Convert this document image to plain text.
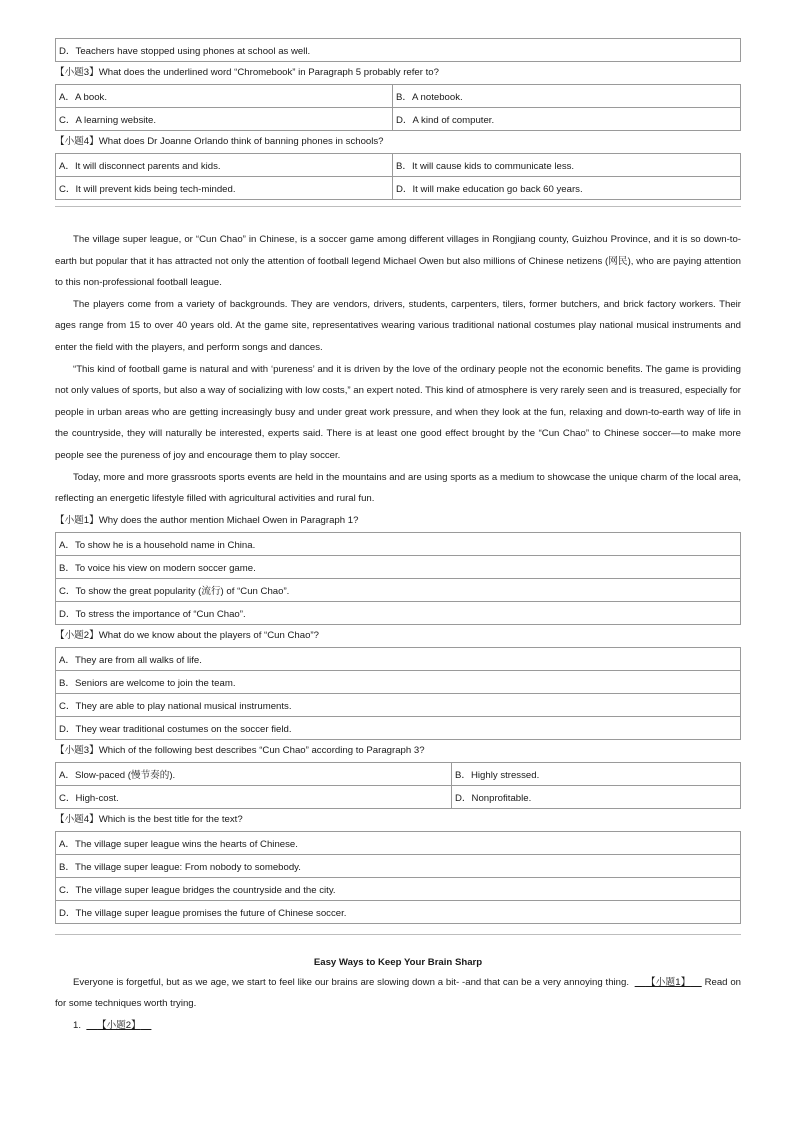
D．Teachers have stopped using phones at school as well.
【小题3】What does the underlined word “Chromebook” in Paragraph 5 probably refer to?
A．A book.	B．A notebook.
C．A learning website.	D．A kind of computer.
【小题4】What does Dr Joanne Orlando think of banning phones in schools?
A．It will disconnect parents and kids.	B．It will cause kids to communicate less.
C．It will prevent kids being tech-minded.	D．It will make education go back 60 years.

The village super league, or “Cun Chao” in Chinese, is a soccer game among different villages in Rongjiang county, Guizhou Province, and it is so down-to-earth but popular that it has attracted not only the attention of football legend Michael Owen but also millions of Chinese netizens (网民), who are paying attention to this non-professional football league.

The players come from a variety of backgrounds. They are vendors, drivers, students, carpenters, tilers, former butchers, and brick factory workers. Their ages range from 15 to over 40 years old. At the game site, representatives wearing various traditional national costumes play national musical instruments and enter the field with the players, and perform songs and dances.

“This kind of football game is natural and with ‘pureness’ and it is driven by the love of the ordinary people not the economic benefits. The game is providing not only values of sports, but also a way of socializing with low costs,” an expert noted. This kind of atmosphere is very rarely seen and is treasured, especially for people in urban areas who are getting increasingly busy and under great work pressure, and when they look at the fun, relaxing and down-to-earth way of life in the countryside, they will naturally be interested, experts said. There is at least one good effect brought by the “Cun Chao” to Chinese soccer—to make more people see the pureness of joy and encourage them to play soccer.

Today, more and more grassroots sports events are held in the mountains and are using sports as a medium to showcase the unique charm of the local area, reflecting an energetic lifestyle filled with agricultural activities and rural fun.

【小题1】Why does the author mention Michael Owen in Paragraph 1?
A．To show he is a household name in China.
B．To voice his view on modern soccer game.
C．To show the great popularity (流行) of “Cun Chao”.
D．To stress the importance of “Cun Chao”.
【小题2】What do we know about the players of “Cun Chao”?
A．They are from all walks of life.
B．Seniors are welcome to join the team.
C．They are able to play national musical instruments.
D．They wear traditional costumes on the soccer field.
【小题3】Which of the following best describes “Cun Chao” according to Paragraph 3?
A．Slow-paced (慢节奏的).	B．Highly stressed.
C．High-cost.	D．Nonprofitable.
【小题4】Which is the best title for the text?
A．The village super league wins the hearts of Chinese.
B．The village super league: From nobody to somebody.
C．The village super league bridges the countryside and the city.
D．The village super league promises the future of Chinese soccer.
Easy Ways to Keep Your Brain Sharp

Everyone is forgetful, but as we age, we start to feel like our brains are slowing down a bit- -and that can be a very annoying thing. 【小题1】 Read on for some techniques worth trying.

1. 【小题2】
